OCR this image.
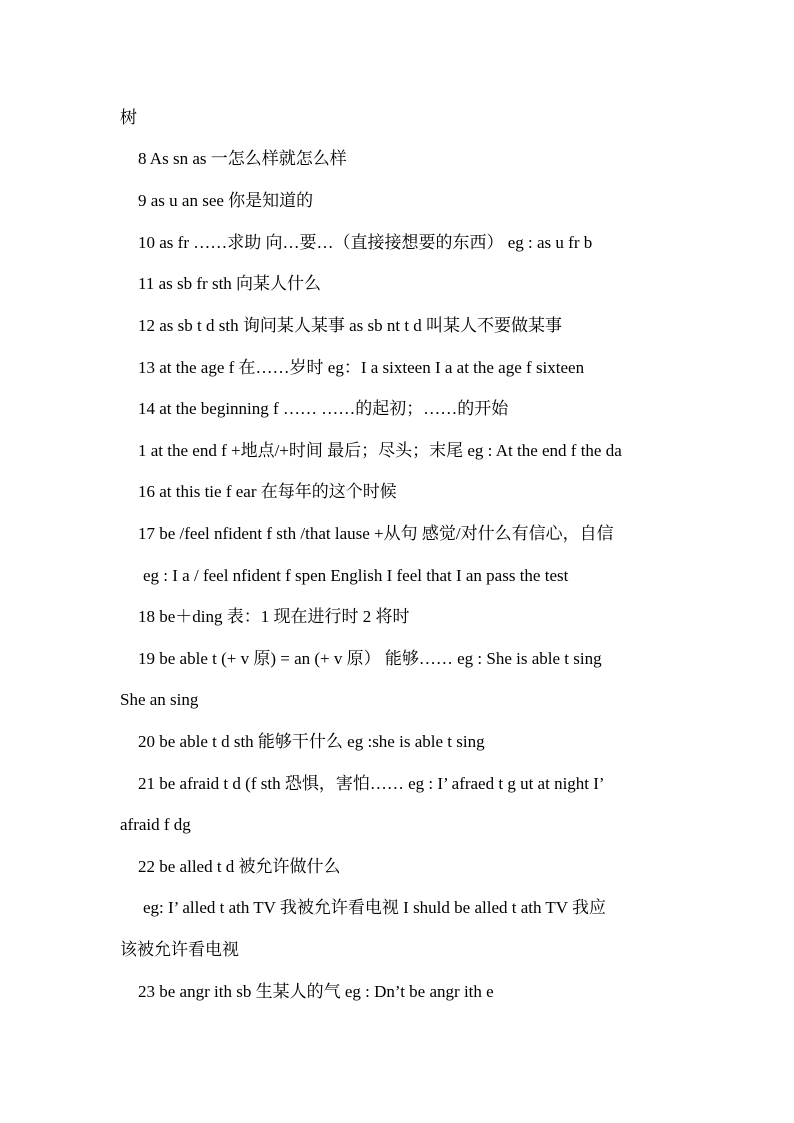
树
8 As sn as 一怎么样就怎么样
9 as u an see 你是知道的
10 as fr ……求助 向…要…（直接接想要的东西） eg : as u fr b
11 as sb fr sth 向某人什么
12 as sb t d sth 询问某人某事 as sb nt t d 叫某人不要做某事
13 at the age f 在……岁时 eg：I a sixteen I a at the age f sixteen
14 at the beginning f …… ……的起初；……的开始
1 at the end f +地点/+时间 最后；尽头；末尾 eg : At the end f the da
16 at this tie f ear 在每年的这个时候
17 be /feel nfident f sth /that lause +从句 感觉/对什么有信心，自信
eg : I a / feel nfident f spen English I feel that I an pass the test
18 be＋ding 表：1 现在进行时 2 将时
19 be able t (+ v 原) = an (+ v 原） 能够…… eg : She is able t sing
She an sing
20 be able t d sth 能够干什么 eg :she is able t sing
21 be afraid t d (f sth 恐惧，害怕…… eg : I’ afraed t g ut at night I’
afraid f dg
22 be alled t d 被允许做什么
eg: I’ alled t ath TV 我被允许看电视 I shuld be alled t ath TV 我应
该被允许看电视
23 be angr ith sb 生某人的气 eg : Dn’t be angr ith e
